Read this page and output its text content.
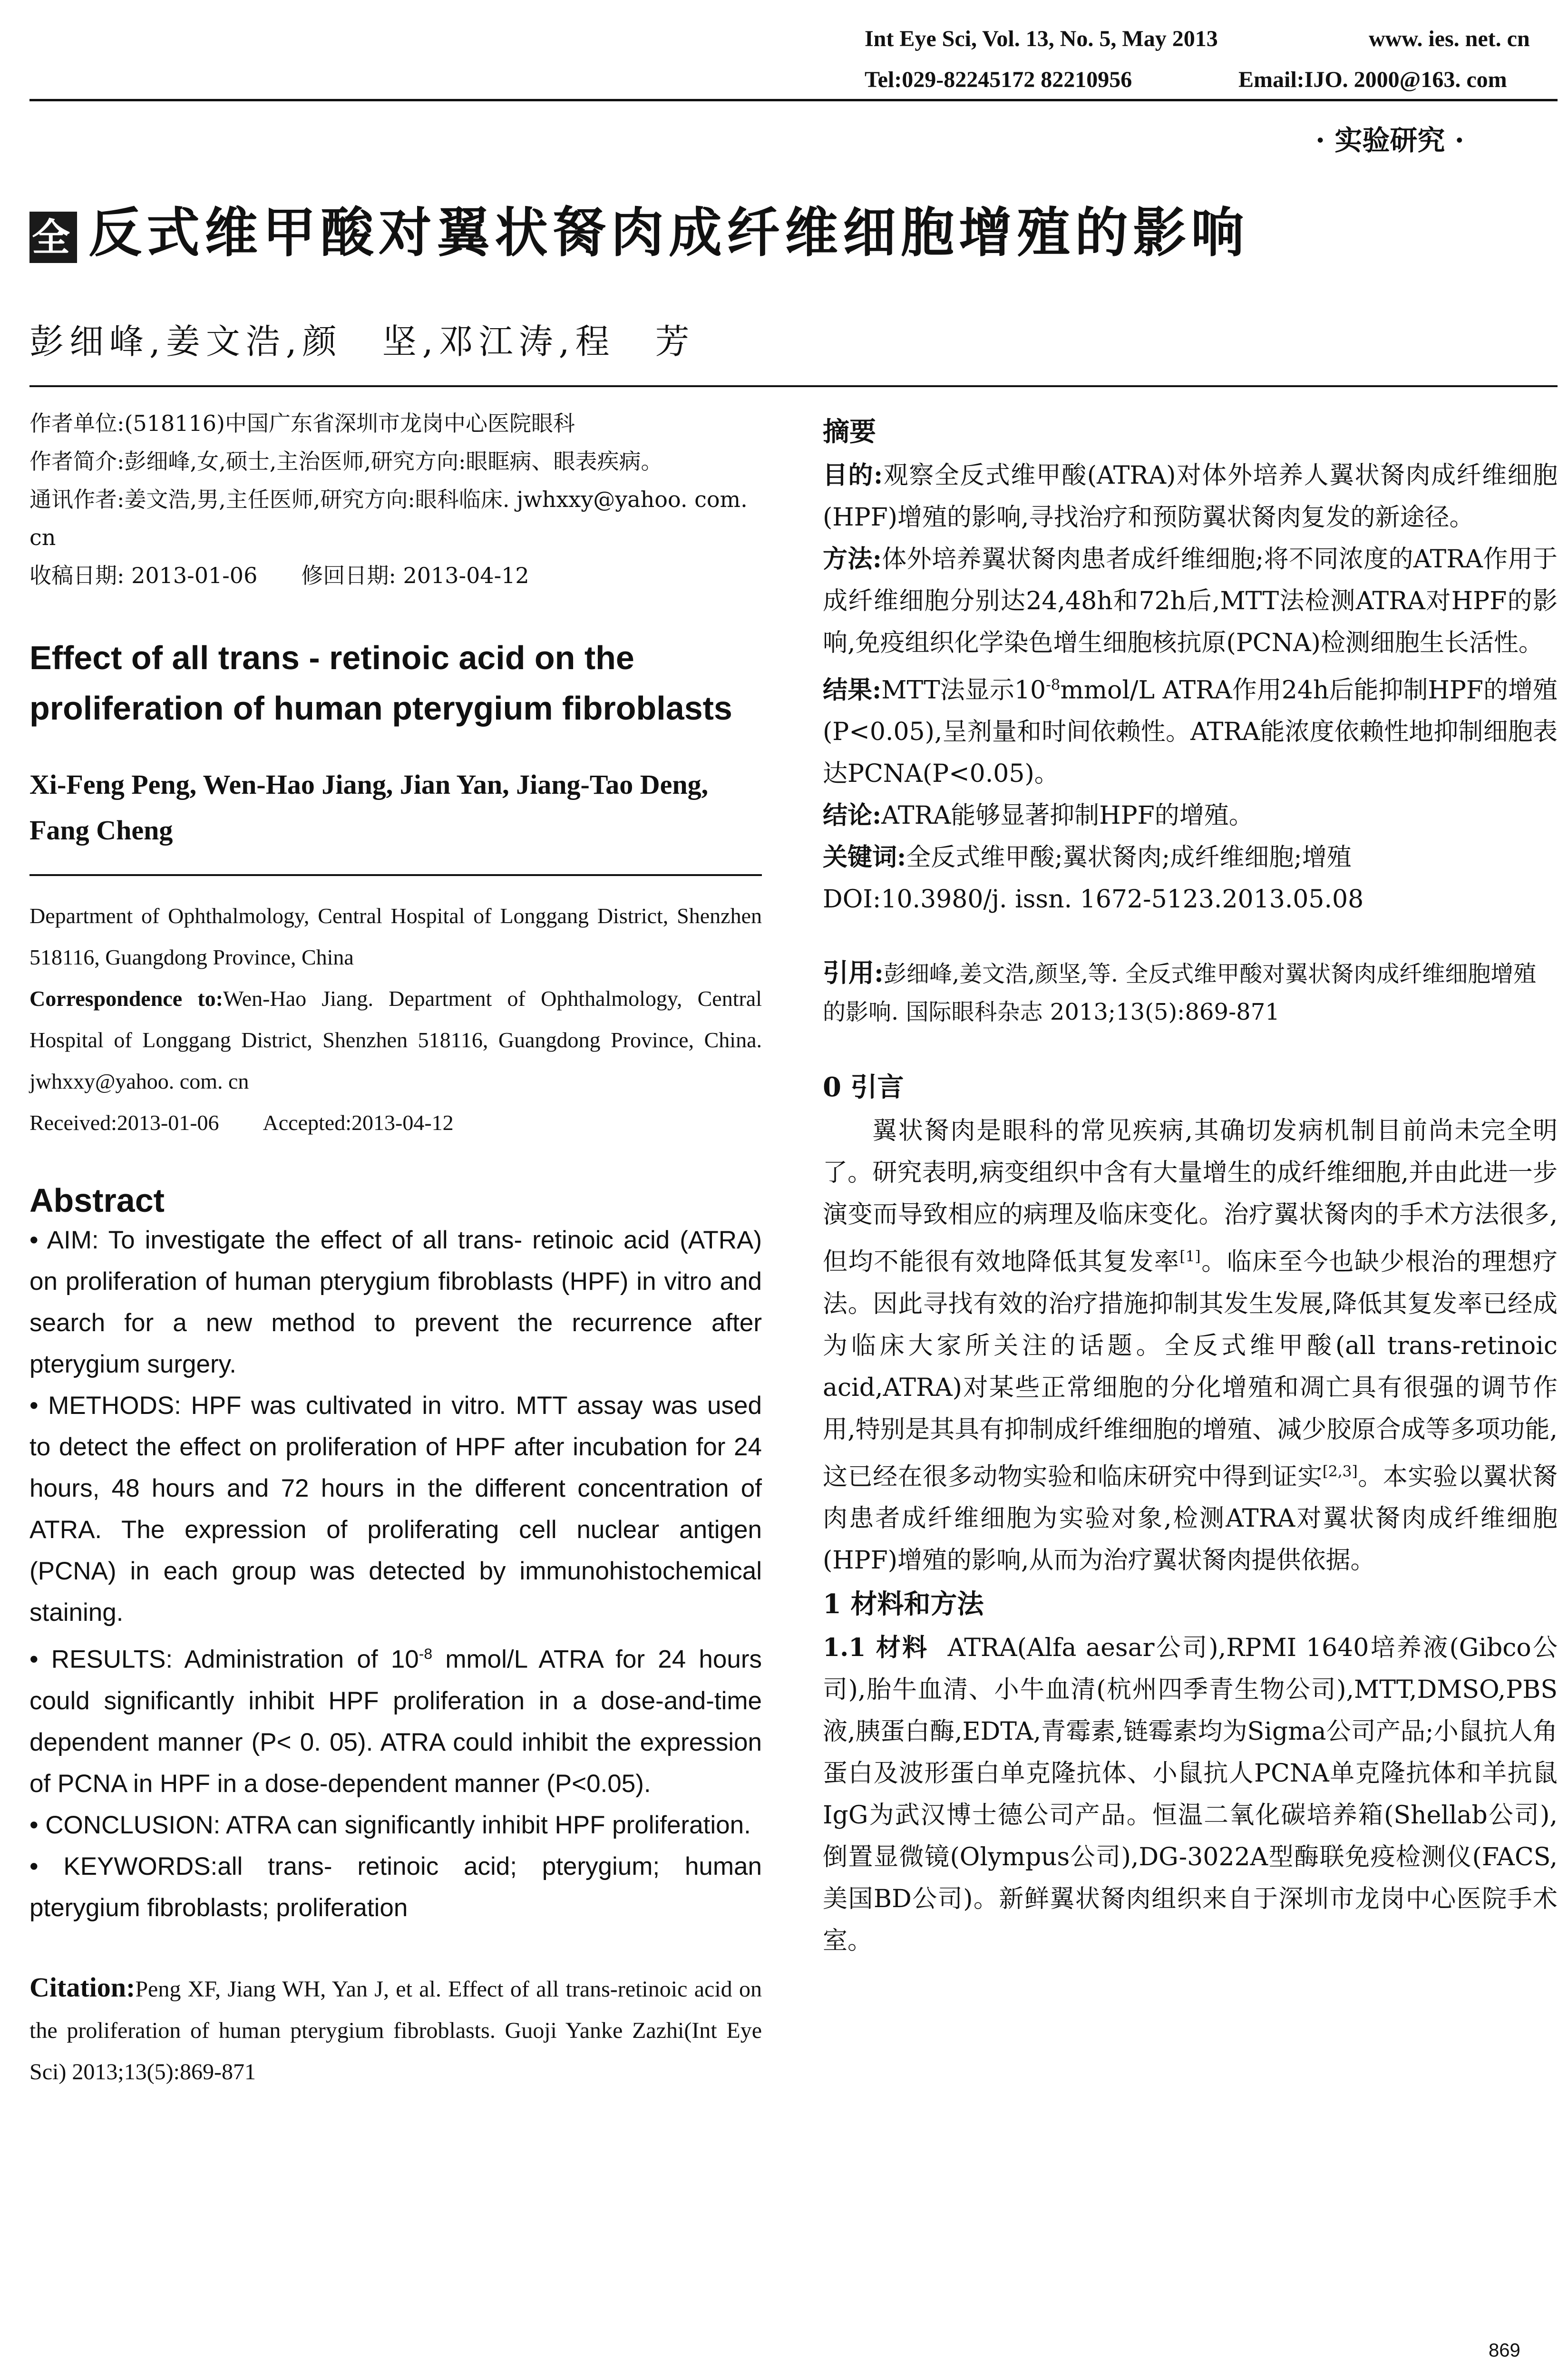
Int Eye Sci, Vol. 13, No. 5, May 2013	www. ies. net. cn
Tel:029-82245172 82210956	Email:IJO. 2000@163. com
· 实验研究 ·
全 反式维甲酸对翼状胬肉成纤维细胞增殖的影响
彭细峰,姜文浩,颜　坚,邓江涛,程　芳

作者单位:(518116)中国广东省深圳市龙岗中心医院眼科

作者简介:彭细峰,女,硕士,主治医师,研究方向:眼眶病、眼表疾病。

通讯作者:姜文浩,男,主任医师,研究方向:眼科临床. jwhxxy@yahoo. com. cn

收稿日期: 2013-01-06　　修回日期: 2013-04-12

Effect of all trans - retinoic acid on the proliferation of human pterygium fibroblasts

Xi-Feng Peng, Wen-Hao Jiang, Jian Yan, Jiang-Tao Deng, Fang Cheng

Department of Ophthalmology, Central Hospital of Longgang District, Shenzhen 518116, Guangdong Province, China

Correspondence to:Wen-Hao Jiang. Department of Ophthalmology, Central Hospital of Longgang District, Shenzhen 518116, Guangdong Province, China. jwhxxy@yahoo. com. cn

Received:2013-01-06　　Accepted:2013-04-12

Abstract

• AIM: To investigate the effect of all trans- retinoic acid (ATRA) on proliferation of human pterygium fibroblasts (HPF) in vitro and search for a new method to prevent the recurrence after pterygium surgery.

• METHODS: HPF was cultivated in vitro. MTT assay was used to detect the effect on proliferation of HPF after incubation for 24 hours, 48 hours and 72 hours in the different concentration of ATRA. The expression of proliferating cell nuclear antigen (PCNA) in each group was detected by immunohistochemical staining.

• RESULTS: Administration of $10^{-8}$ mmol/L ATRA for 24 hours could significantly inhibit HPF proliferation in a dose-and-time dependent manner (P< 0. 05). ATRA could inhibit the expression of PCNA in HPF in a dose-dependent manner (P<0.05).

• CONCLUSION: ATRA can significantly inhibit HPF proliferation.

• KEYWORDS:all trans- retinoic acid; pterygium; human pterygium fibroblasts; proliferation

Citation:Peng XF, Jiang WH, Yan J, et al. Effect of all trans-retinoic acid on the proliferation of human pterygium fibroblasts. Guoji Yanke Zazhi(Int Eye Sci) 2013;13(5):869-871

摘要

目的:观察全反式维甲酸(ATRA)对体外培养人翼状胬肉成纤维细胞(HPF)增殖的影响,寻找治疗和预防翼状胬肉复发的新途径。

方法:体外培养翼状胬肉患者成纤维细胞;将不同浓度的ATRA作用于成纤维细胞分别达24,48h和72h后,MTT法检测ATRA对HPF的影响,免疫组织化学染色增生细胞核抗原(PCNA)检测细胞生长活性。

结果:MTT法显示$10^{-8}mmol/L$ ATRA作用24h后能抑制HPF的增殖(P<0.05),呈剂量和时间依赖性。ATRA能浓度依赖性地抑制细胞表达PCNA(P<0.05)。

结论:ATRA能够显著抑制HPF的增殖。

关键词:全反式维甲酸;翼状胬肉;成纤维细胞;增殖

DOI:10.3980/j. issn. 1672-5123.2013.05.08

引用:彭细峰,姜文浩,颜坚,等. 全反式维甲酸对翼状胬肉成纤维细胞增殖的影响. 国际眼科杂志 2013;13(5):869-871

0 引言

翼状胬肉是眼科的常见疾病,其确切发病机制目前尚未完全明了。研究表明,病变组织中含有大量增生的成纤维细胞,并由此进一步演变而导致相应的病理及临床变化。治疗翼状胬肉的手术方法很多,但均不能很有效地降低其复发率[1]。临床至今也缺少根治的理想疗法。因此寻找有效的治疗措施抑制其发生发展,降低其复发率已经成为临床大家所关注的话题。全反式维甲酸(all trans-retinoic acid,ATRA)对某些正常细胞的分化增殖和凋亡具有很强的调节作用,特别是其具有抑制成纤维细胞的增殖、减少胶原合成等多项功能,这已经在很多动物实验和临床研究中得到证实[2,3]。本实验以翼状胬肉患者成纤维细胞为实验对象,检测ATRA对翼状胬肉成纤维细胞(HPF)增殖的影响,从而为治疗翼状胬肉提供依据。

1 材料和方法

1.1 材料 ATRA(Alfa aesar公司),RPMI 1640培养液(Gibco公司),胎牛血清、小牛血清(杭州四季青生物公司),MTT,DMSO,PBS液,胰蛋白酶,EDTA,青霉素,链霉素均为Sigma公司产品;小鼠抗人角蛋白及波形蛋白单克隆抗体、小鼠抗人PCNA单克隆抗体和羊抗鼠IgG为武汉博士德公司产品。恒温二氧化碳培养箱(Shellab公司),倒置显微镜(Olympus公司),DG-3022A型酶联免疫检测仪(FACS,美国BD公司)。新鲜翼状胬肉组织来自于深圳市龙岗中心医院手术室。

869
